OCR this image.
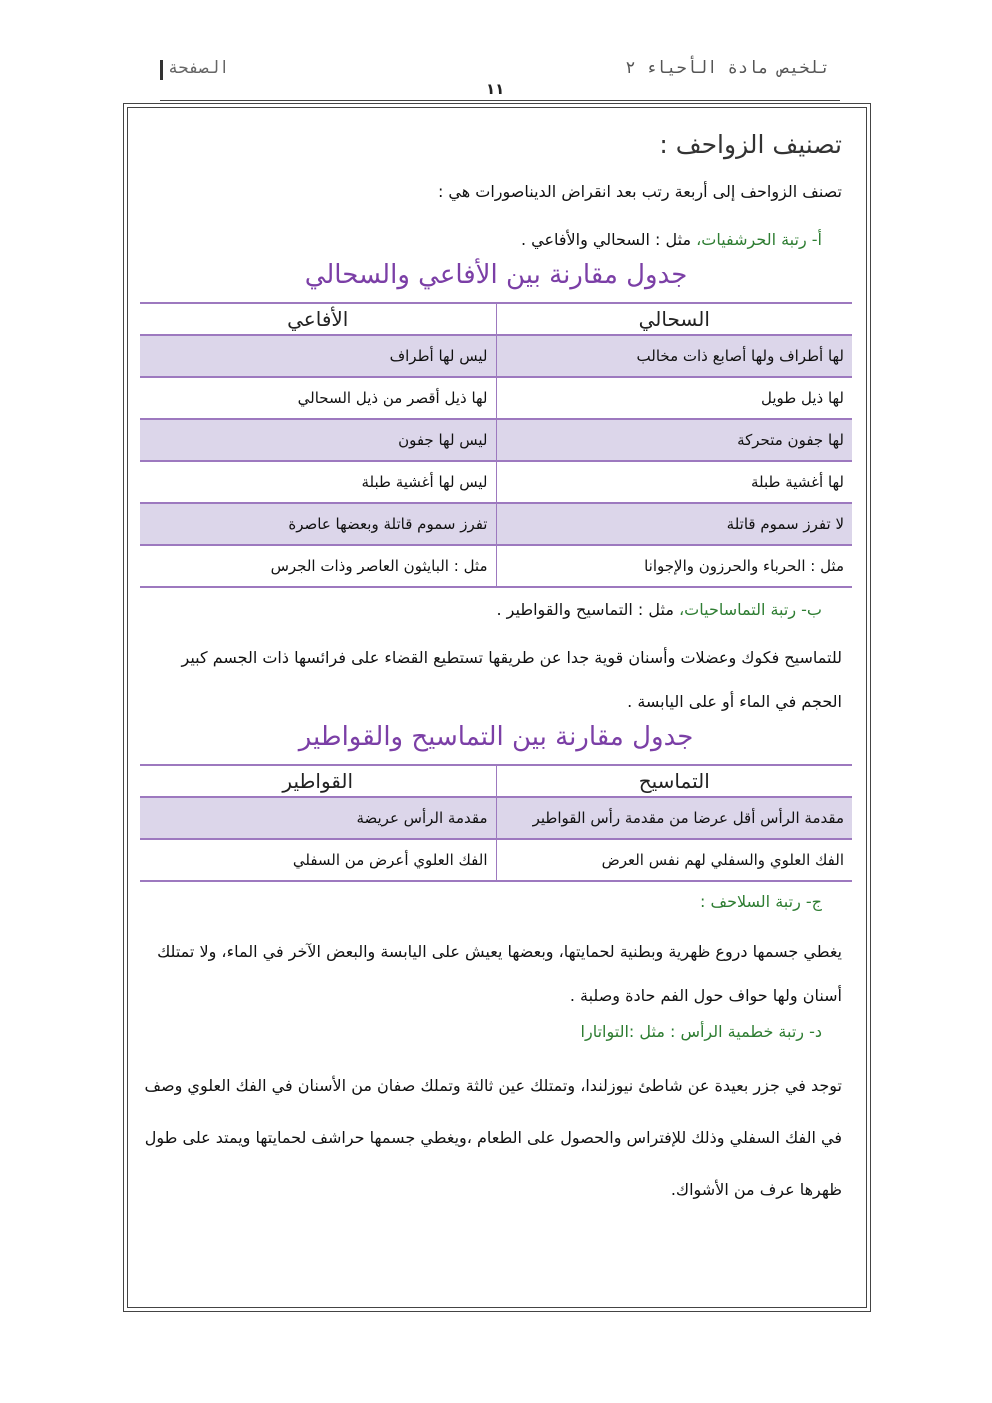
تلخيص مادة الأحياء ٢
الصفحة
١١
تصنيف الزواحف :
تصنف الزواحف إلى أربعة رتب بعد انقراض الديناصورات هي :
أ- رتبة الحرشفيات، مثل : السحالي والأفاعي .
جدول مقارنة بين الأفاعي والسحالي
السحالي	الأفاعي
لها أطراف ولها أصابع ذات مخالب	ليس لها أطراف
لها ذيل طويل	لها ذيل أقصر من ذيل السحالي
لها جفون متحركة	ليس لها جفون
لها أغشية طبلة	ليس لها أغشية طبلة
لا تفرز سموم قاتلة	تفرز سموم قاتلة وبعضها عاصرة
مثل : الحرباء والحرزون والإجوانا	مثل : البايثون العاصر وذات الجرس
ب- رتبة التماساحيات، مثل : التماسيح والقواطير .
للتماسيح فكوك وعضلات وأسنان قوية جدا عن طريقها تستطيع القضاء على فرائسها ذات الجسم كبير الحجم في الماء أو على اليابسة .
جدول مقارنة بين التماسيح والقواطير
التماسيح	القواطير
مقدمة الرأس أقل عرضا من مقدمة رأس القواطير	مقدمة الرأس عريضة
الفك العلوي والسفلي لهم نفس العرض	الفك العلوي أعرض من السفلي
ج- رتبة السلاحف :
يغطي جسمها دروع ظهرية وبطنية لحمايتها، وبعضها يعيش على اليابسة والبعض الآخر في الماء، ولا تمتلك أسنان ولها حواف حول الفم حادة وصلبة .
د- رتبة خطمية الرأس : مثل :التواتارا
توجد في جزر بعيدة عن شاطئ نيوزلندا، وتمتلك عين ثالثة وتملك صفان من الأسنان في الفك العلوي وصف في الفك السفلي وذلك للإفتراس والحصول على الطعام ،ويغطي جسمها حراشف لحمايتها ويمتد على طول ظهرها عرف من الأشواك.
